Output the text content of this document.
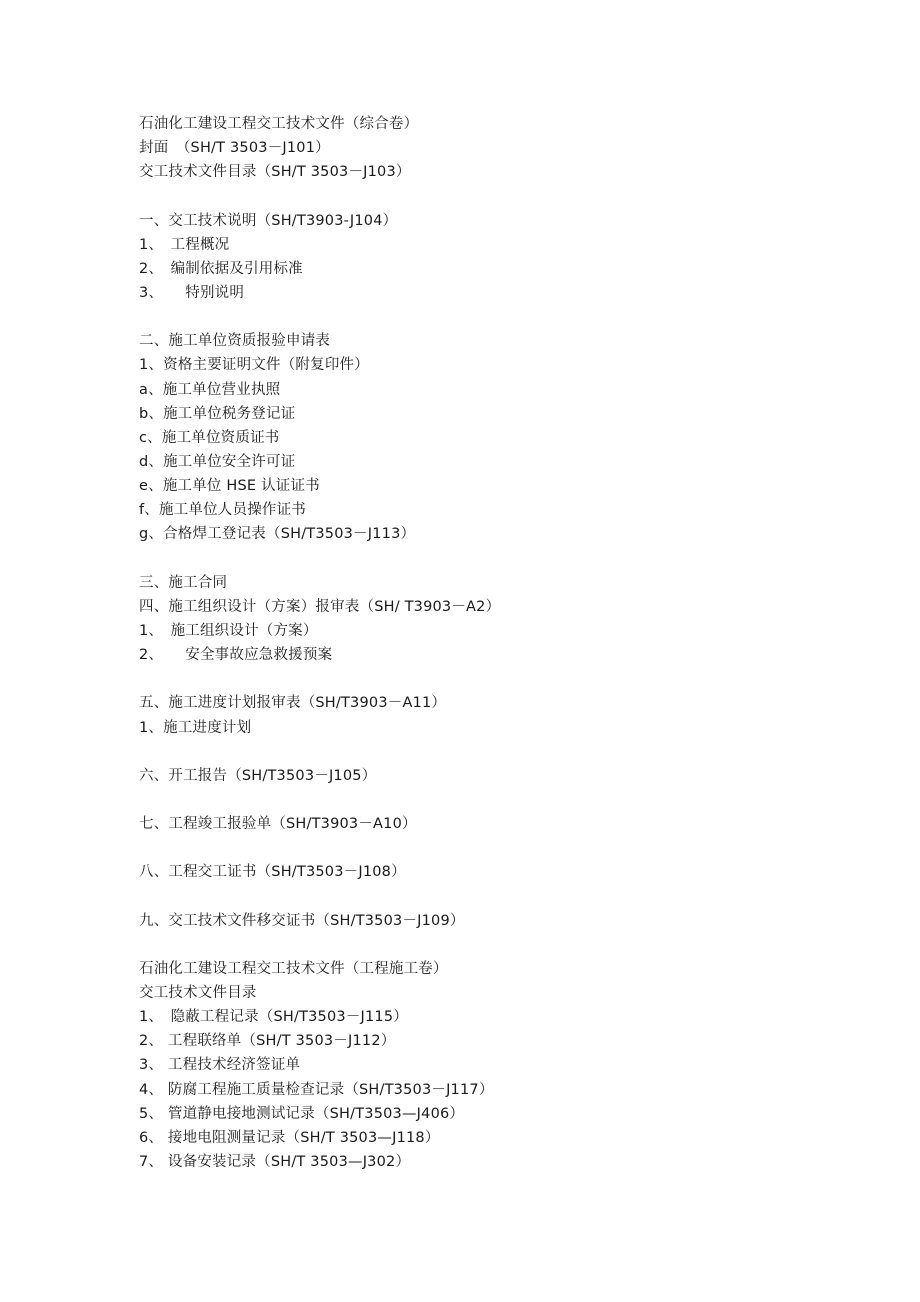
石油化工建设工程交工技术文件（综合卷）
封面　（SH/T 3503－J101）
交工技术文件目录（SH/T 3503－J103）
一、交工技术说明（SH/T3903-J104）
1、　工程概况
2、　编制依据及引用标准
3、　　特别说明
二、施工单位资质报验申请表
1、资格主要证明文件（附复印件）
a、施工单位营业执照
b、施工单位税务登记证
c、施工单位资质证书
d、施工单位安全许可证
e、施工单位 HSE 认证证书
f、施工单位人员操作证书
g、合格焊工登记表（SH/T3503－J113）
三、施工合同
四、施工组织设计（方案）报审表（SH/ T3903－A2）
1、　施工组织设计（方案）
2、　　安全事故应急救援预案
五、施工进度计划报审表（SH/T3903－A11）
1、施工进度计划
六、开工报告（SH/T3503－J105）
七、工程竣工报验单（SH/T3903－A10）
八、工程交工证书（SH/T3503－J108）
九、交工技术文件移交证书（SH/T3503－J109）
石油化工建设工程交工技术文件（工程施工卷）
交工技术文件目录
1、　隐蔽工程记录（SH/T3503－J115）
2、 工程联络单（SH/T 3503－J112）
3、 工程技术经济签证单
4、 防腐工程施工质量检查记录（SH/T3503－J117）
5、 管道静电接地测试记录（SH/T3503—J406）
6、 接地电阻测量记录（SH/T 3503—J118）
7、 设备安装记录（SH/T 3503—J302）
